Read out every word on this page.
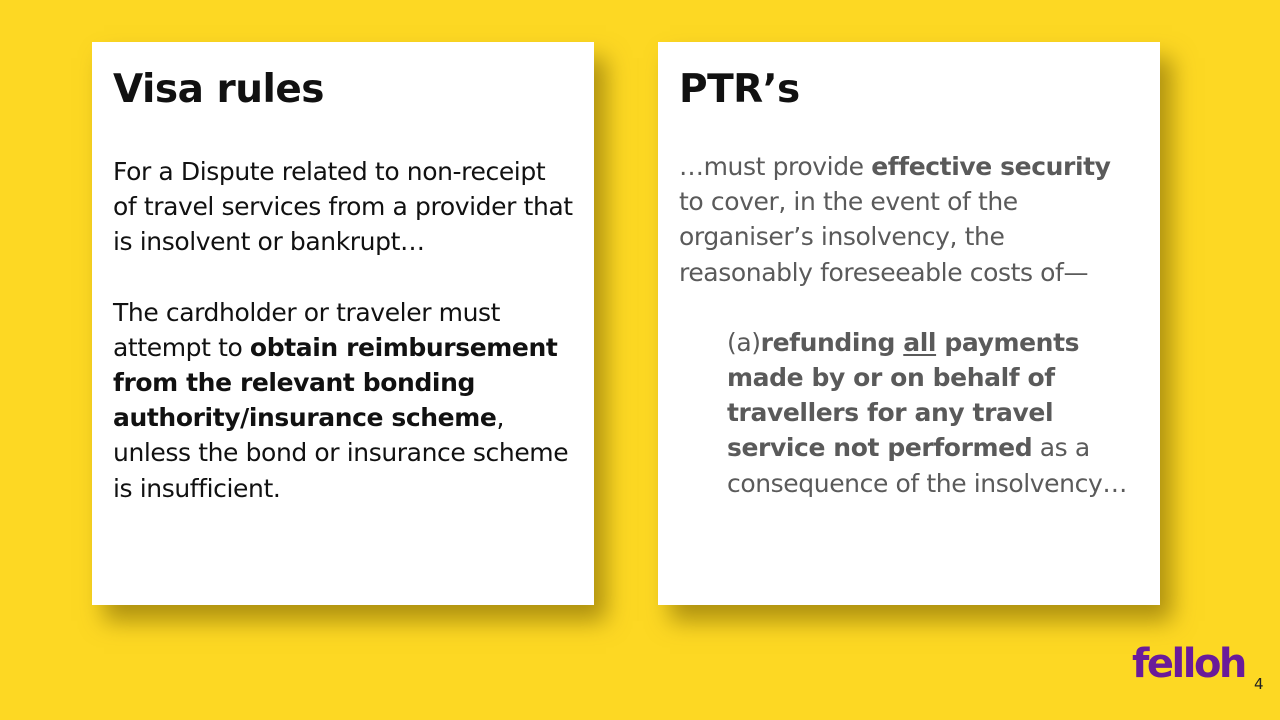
Visa rules

For a Dispute related to non-receipt of travel services from a provider that is insolvent or bankrupt…

The cardholder or traveler must attempt to obtain reimbursement from the relevant bonding authority/insurance scheme, unless the bond or insurance scheme is insufficient.

PTR’s

…must provide effective security to cover, in the event of the organiser’s insolvency, the reasonably foreseeable costs of—

(a)refunding all payments made by or on behalf of travellers for any travel service not performed as a consequence of the insolvency…

felloh 4
